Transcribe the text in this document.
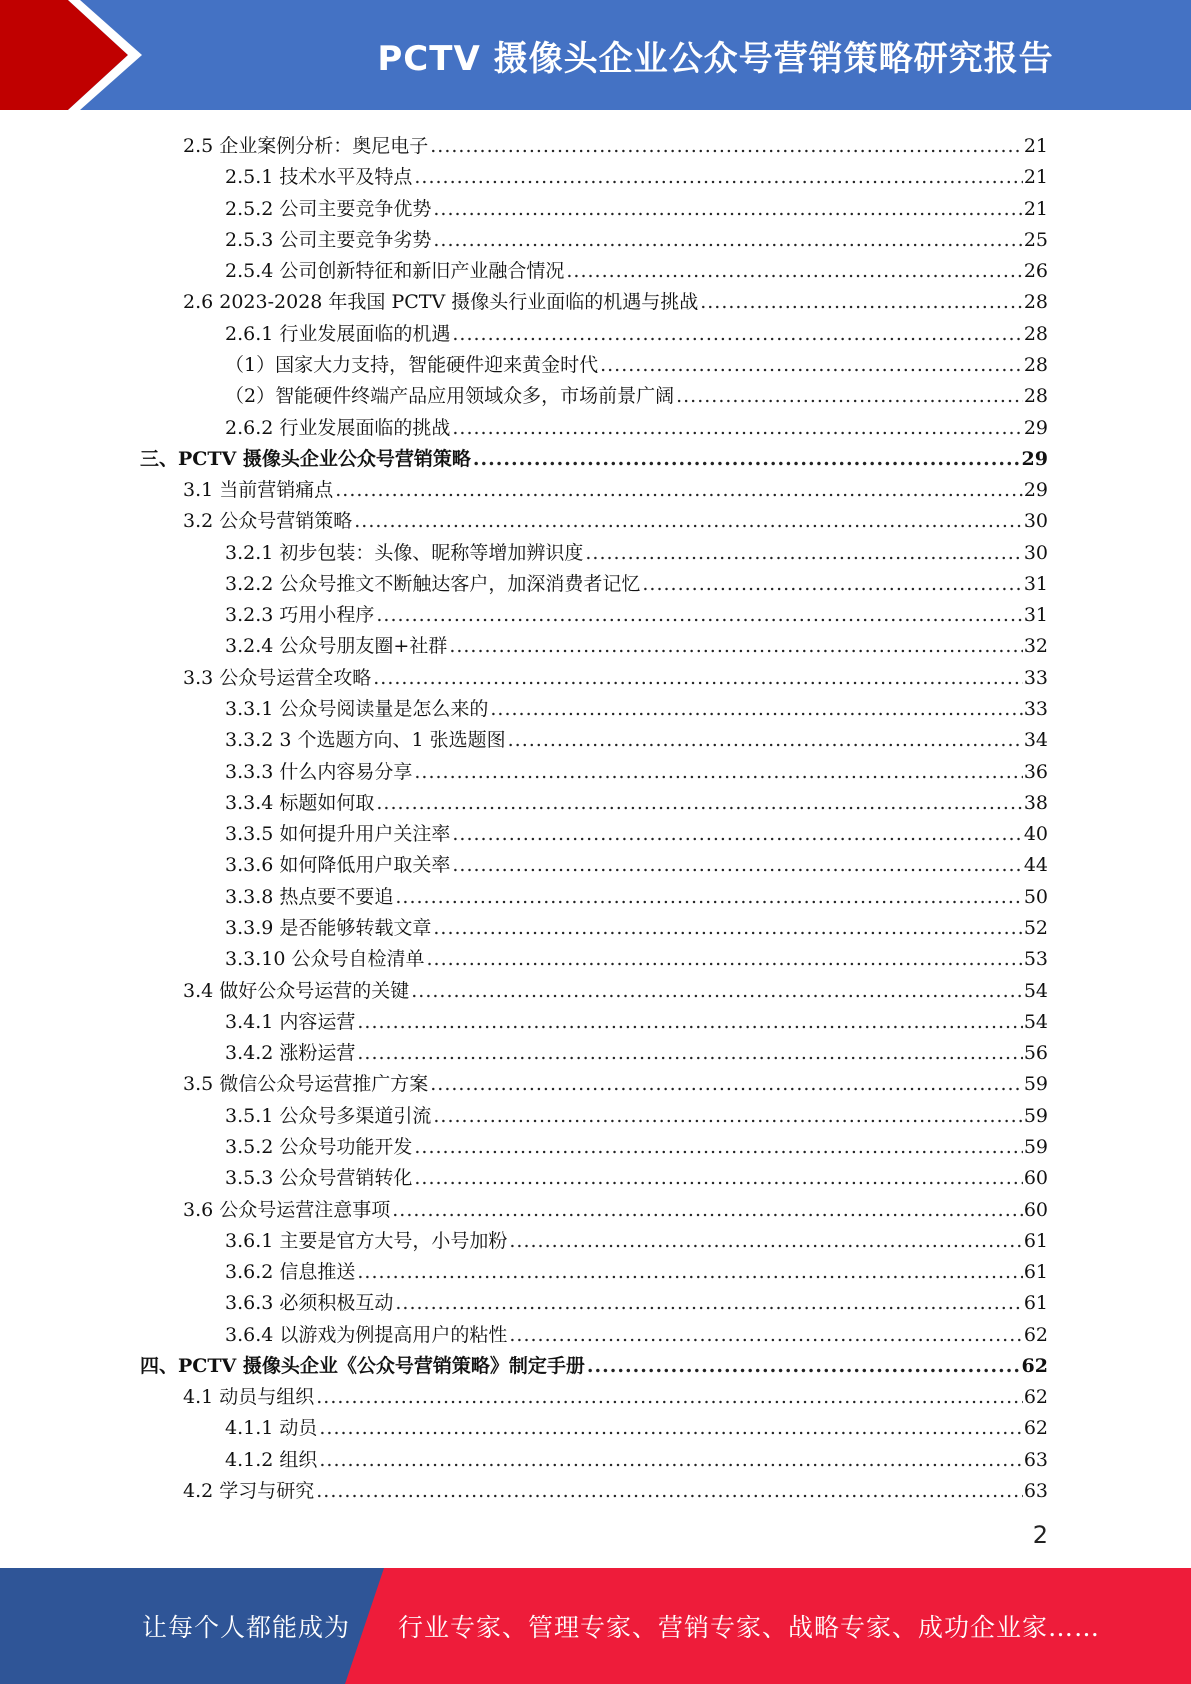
PCTV 摄像头企业公众号营销策略研究报告
2.5 企业案例分析：奥尼电子 .....	21
2.5.1 技术水平及特点 .....	21
2.5.2 公司主要竞争优势 .....	21
2.5.3 公司主要竞争劣势 .....	25
2.5.4 公司创新特征和新旧产业融合情况 .....	26
2.6 2023-2028 年我国 PCTV 摄像头行业面临的机遇与挑战 .....	28
2.6.1 行业发展面临的机遇 .....	28
（1）国家大力支持，智能硬件迎来黄金时代 .....	28
（2）智能硬件终端产品应用领域众多，市场前景广阔 .....	28
2.6.2 行业发展面临的挑战 .....	29
三、PCTV 摄像头企业公众号营销策略 .....	29
3.1 当前营销痛点 .....	29
3.2 公众号营销策略 .....	30
3.2.1 初步包装：头像、昵称等增加辨识度 .....	30
3.2.2 公众号推文不断触达客户，加深消费者记忆 .....	31
3.2.3 巧用小程序 .....	31
3.2.4 公众号朋友圈+社群 .....	32
3.3 公众号运营全攻略 .....	33
3.3.1 公众号阅读量是怎么来的 .....	33
3.3.2 3 个选题方向、1 张选题图 .....	34
3.3.3 什么内容易分享 .....	36
3.3.4 标题如何取 .....	38
3.3.5 如何提升用户关注率 .....	40
3.3.6 如何降低用户取关率 .....	44
3.3.8 热点要不要追 .....	50
3.3.9 是否能够转载文章 .....	52
3.3.10 公众号自检清单 .....	53
3.4 做好公众号运营的关键 .....	54
3.4.1 内容运营 .....	54
3.4.2 涨粉运营 .....	56
3.5 微信公众号运营推广方案 .....	59
3.5.1 公众号多渠道引流 .....	59
3.5.2 公众号功能开发 .....	59
3.5.3 公众号营销转化 .....	60
3.6 公众号运营注意事项 .....	60
3.6.1 主要是官方大号，小号加粉 .....	61
3.6.2 信息推送 .....	61
3.6.3 必须积极互动 .....	61
3.6.4 以游戏为例提高用户的粘性 .....	62
四、PCTV 摄像头企业《公众号营销策略》制定手册 .....	62
4.1 动员与组织 .....	62
4.1.1 动员 .....	62
4.1.2 组织 .....	63
4.2 学习与研究 .....	63
2
让每个人都能成为 行业专家、管理专家、营销专家、战略专家、成功企业家……
